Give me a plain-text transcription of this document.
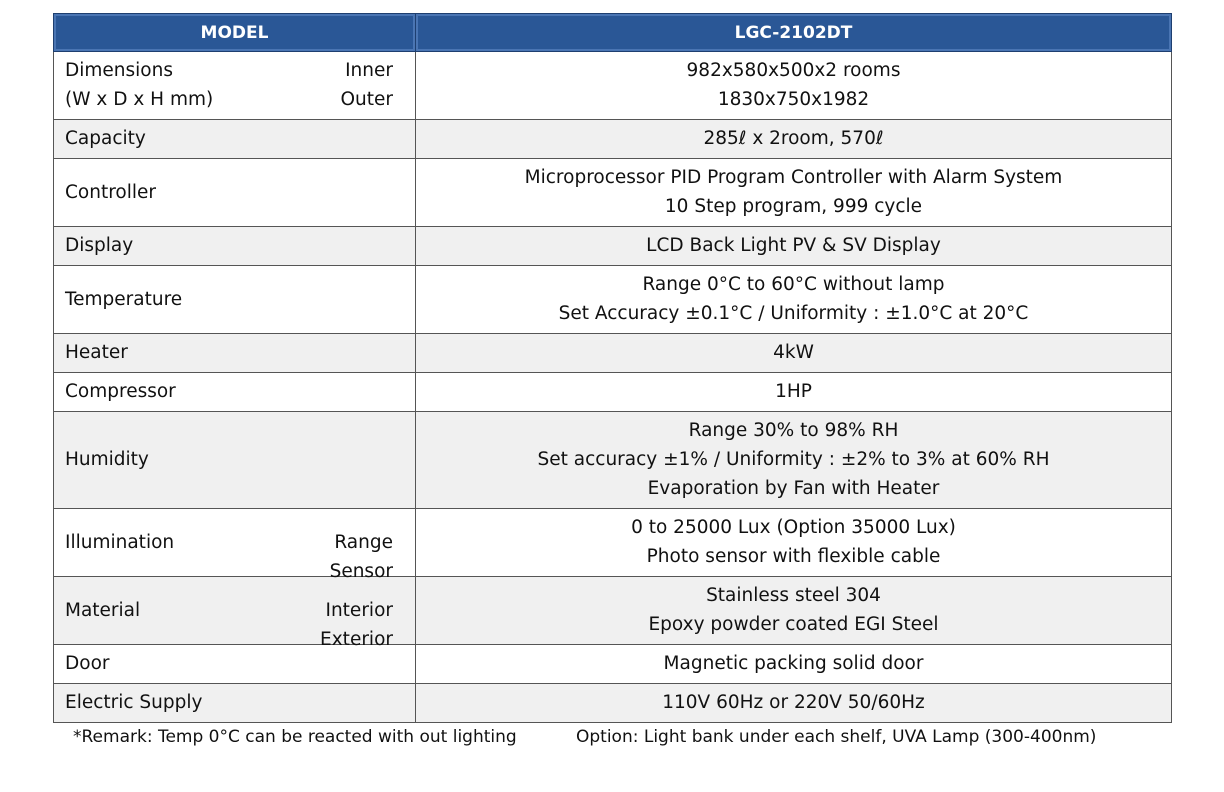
MODEL	LGC-2102DT

Dimensions
(W x D x H mm)
Inner
Outer	982x580x500x2 rooms
1830x750x1982

Capacity	285ℓ x 2room, 570ℓ

Controller	Microprocessor PID Program Controller with Alarm System
10 Step program, 999 cycle

Display	LCD Back Light PV & SV Display

Temperature	Range 0°C to 60°C without lamp
Set Accuracy ±0.1°C / Uniformity : ±1.0°C at 20°C

Heater	4kW

Compressor	1HP

Humidity	Range 30% to 98% RH
Set accuracy ±1% / Uniformity : ±2% to 3% at 60% RH
Evaporation by Fan with Heater

Illumination Range
Sensor	0 to 25000 Lux (Option 35000 Lux)
Photo sensor with flexible cable

Material Interior
Exterior	Stainless steel 304
Epoxy powder coated EGI Steel

Door	Magnetic packing solid door

Electric Supply	110V 60Hz or 220V 50/60Hz
*Remark: Temp 0°C can be reacted with out lighting	Option: Light bank under each shelf, UVA Lamp (300-400nm)
